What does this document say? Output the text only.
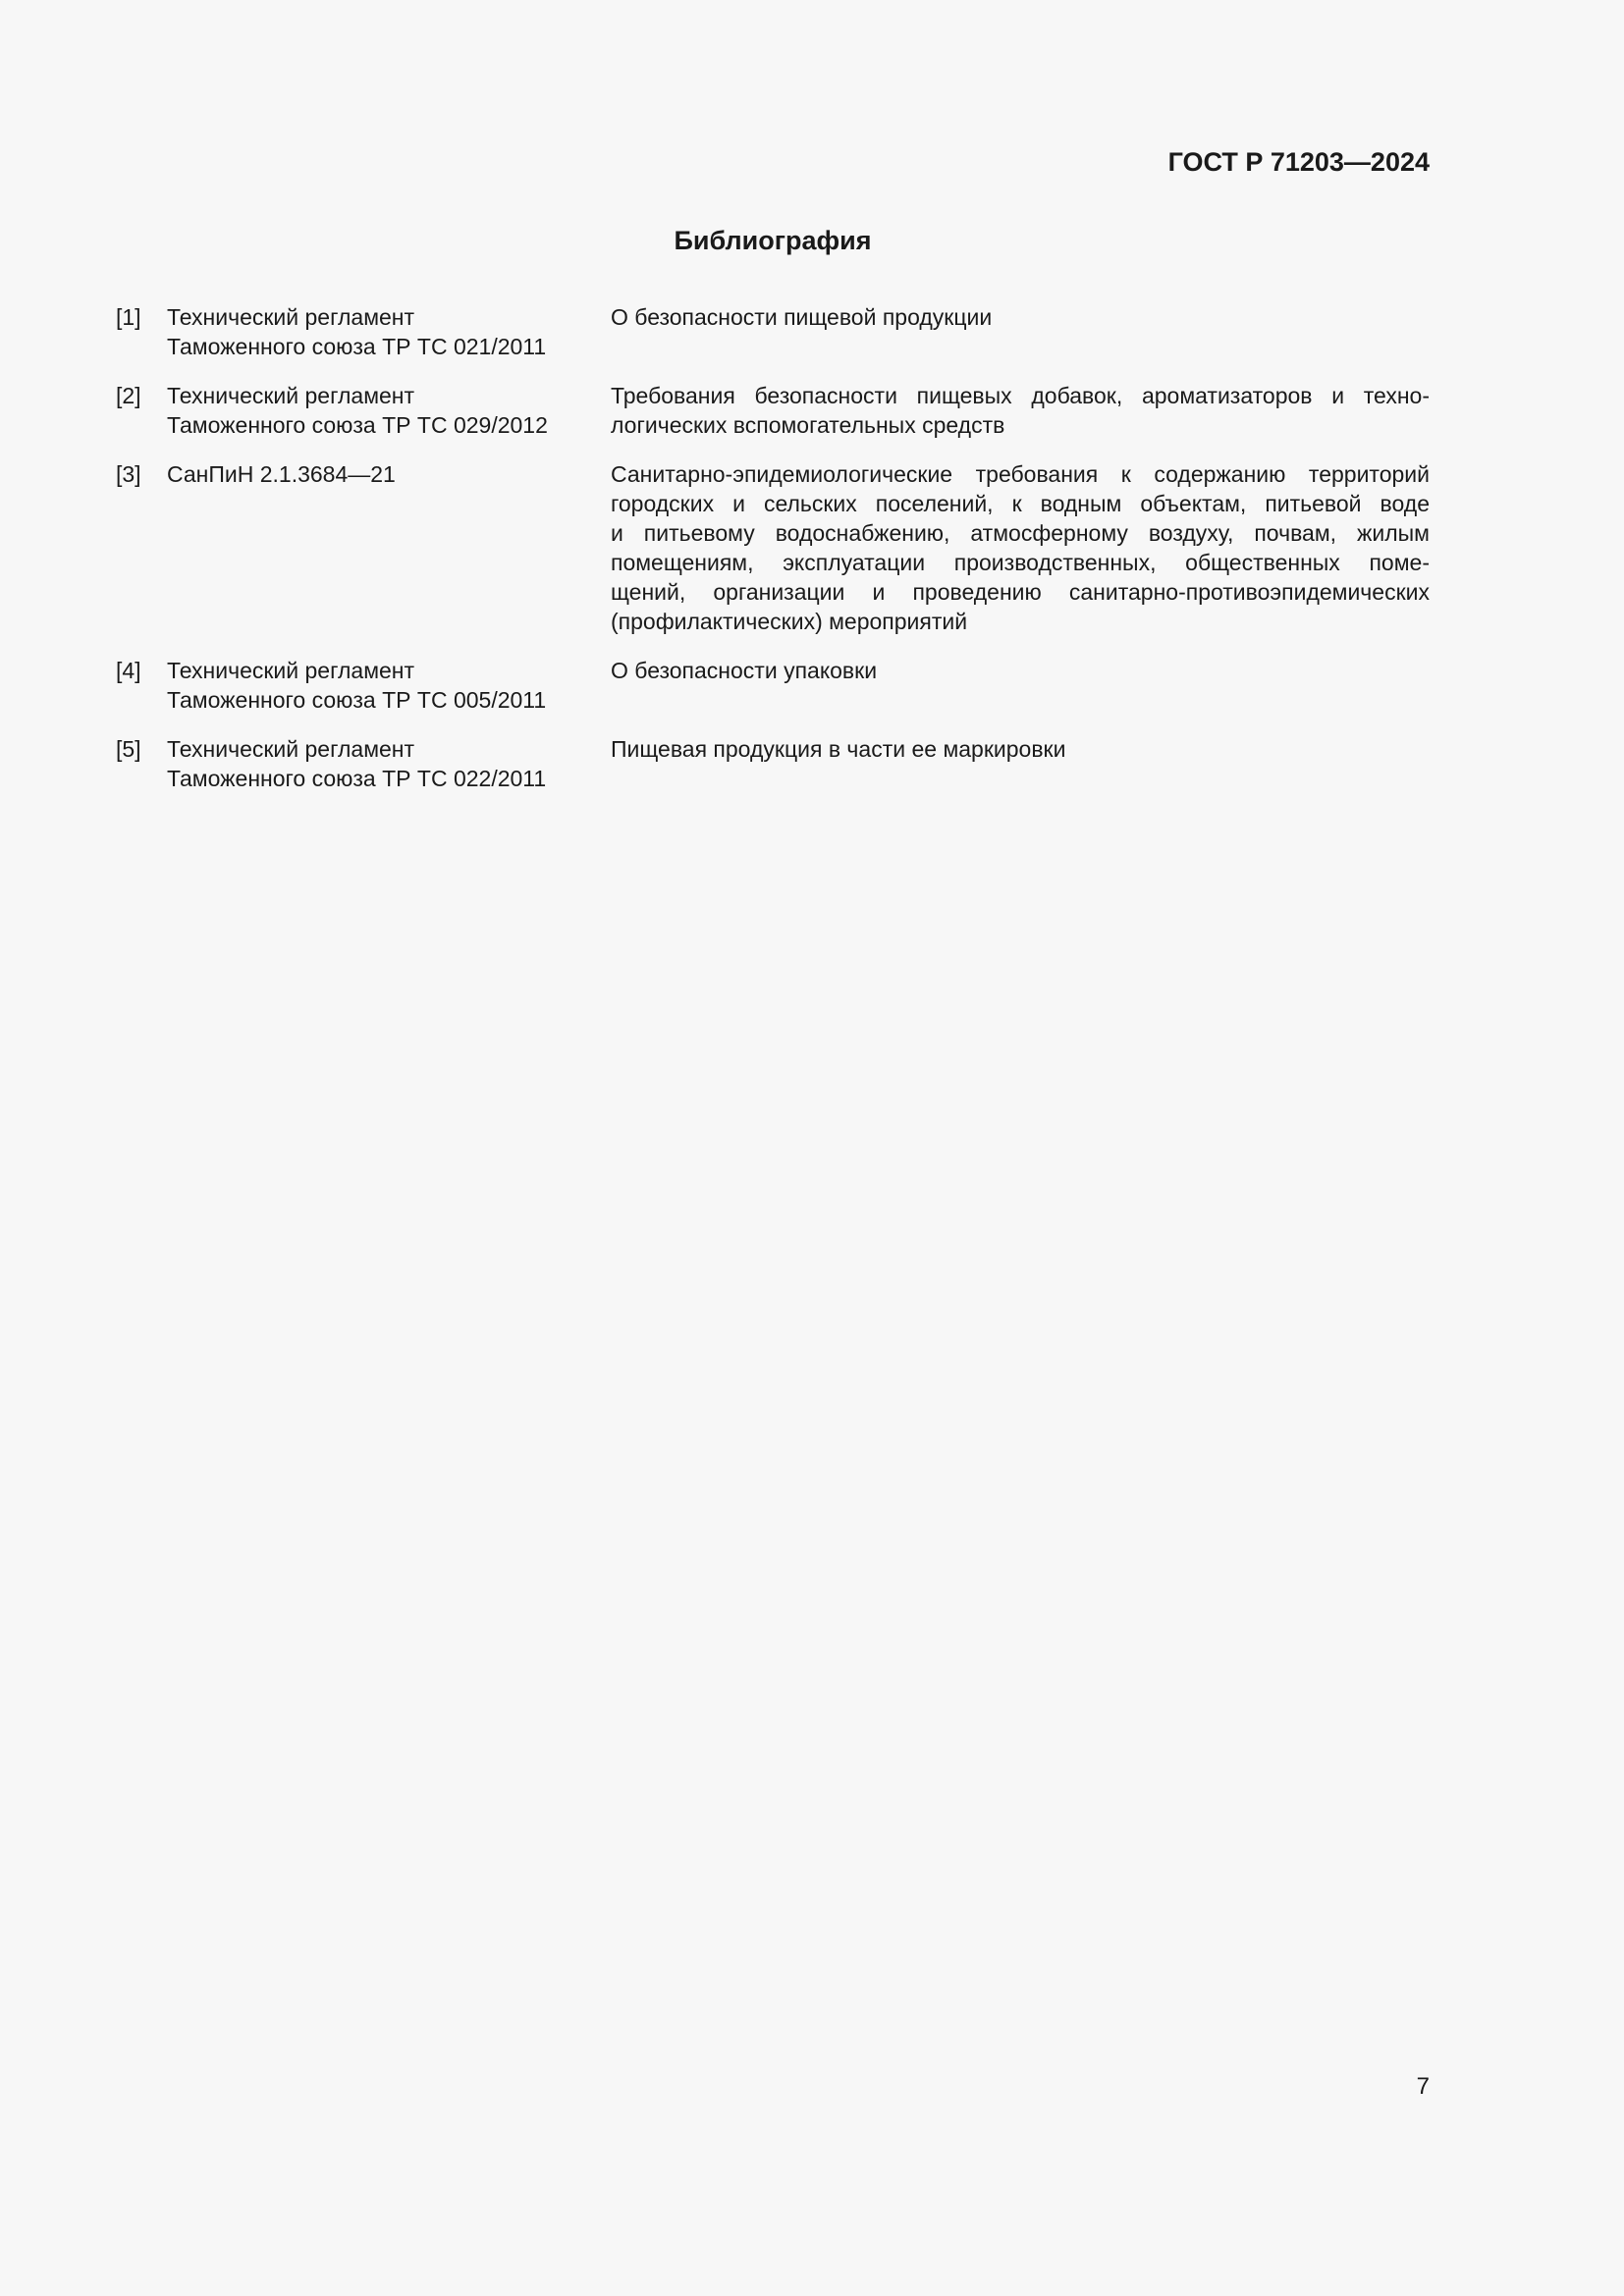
ГОСТ Р 71203—2024
Библиография
[1] Технический регламент
Таможенного союза ТР ТС 021/2011
О безопасности пищевой продукции
[2] Технический регламент
Таможенного союза ТР ТС 029/2012
Требования безопасности пищевых добавок, ароматизаторов и техно-
логических вспомогательных средств
[3] СанПиН 2.1.3684—21	Санитарно-эпидемиологические требования к содержанию территорий
городских и сельских поселений, к водным объектам, питьевой воде
и питьевому водоснабжению, атмосферному воздуху, почвам, жилым
помещениям, эксплуатации производственных, общественных поме-
щений, организации и проведению санитарно-противоэпидемических
(профилактических) мероприятий
[4] Технический регламент
Таможенного союза ТР ТС 005/2011
О безопасности упаковки
[5] Технический регламент
Таможенного союза ТР ТС 022/2011
Пищевая продукция в части ее маркировки
7
